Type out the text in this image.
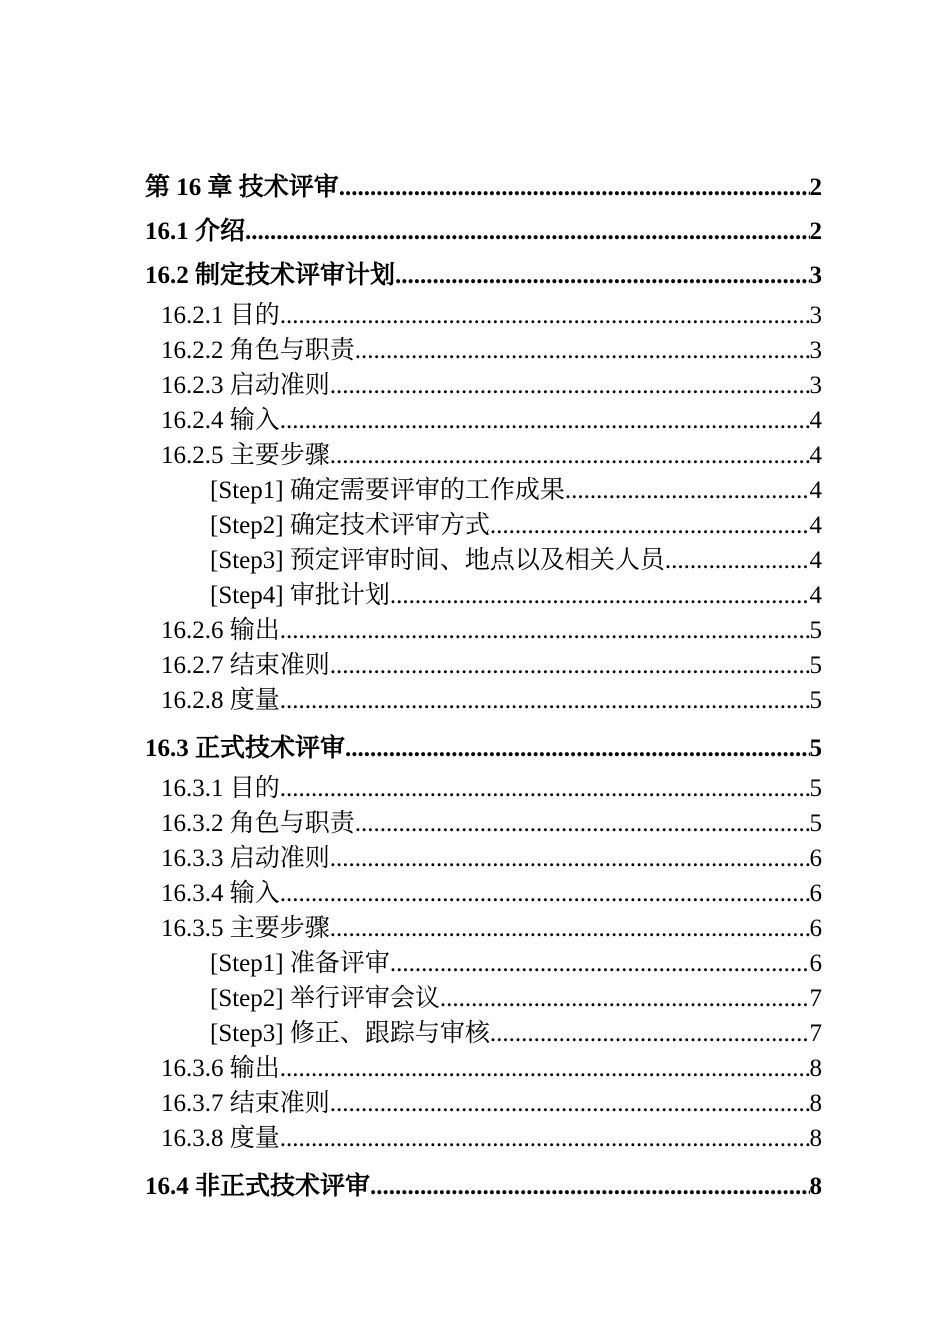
第 16 章 技术评审 .....	2
16.1 介绍 .....	2
16.2 制定技术评审计划 .....	3
16.2.1 目的 .....	3
16.2.2 角色与职责 .....	3
16.2.3 启动准则 .....	3
16.2.4 输入 .....	4
16.2.5 主要步骤 .....	4
[Step1] 确定需要评审的工作成果 .....	4
[Step2] 确定技术评审方式 .....	4
[Step3] 预定评审时间、地点以及相关人员 .....	4
[Step4] 审批计划 .....	4
16.2.6 输出 .....	5
16.2.7 结束准则 .....	5
16.2.8 度量 .....	5
16.3 正式技术评审 .....	5
16.3.1 目的 .....	5
16.3.2 角色与职责 .....	5
16.3.3 启动准则 .....	6
16.3.4 输入 .....	6
16.3.5 主要步骤 .....	6
[Step1] 准备评审 .....	6
[Step2] 举行评审会议 .....	7
[Step3] 修正、跟踪与审核 .....	7
16.3.6 输出 .....	8
16.3.7 结束准则 .....	8
16.3.8 度量 .....	8
16.4 非正式技术评审 .....	8
